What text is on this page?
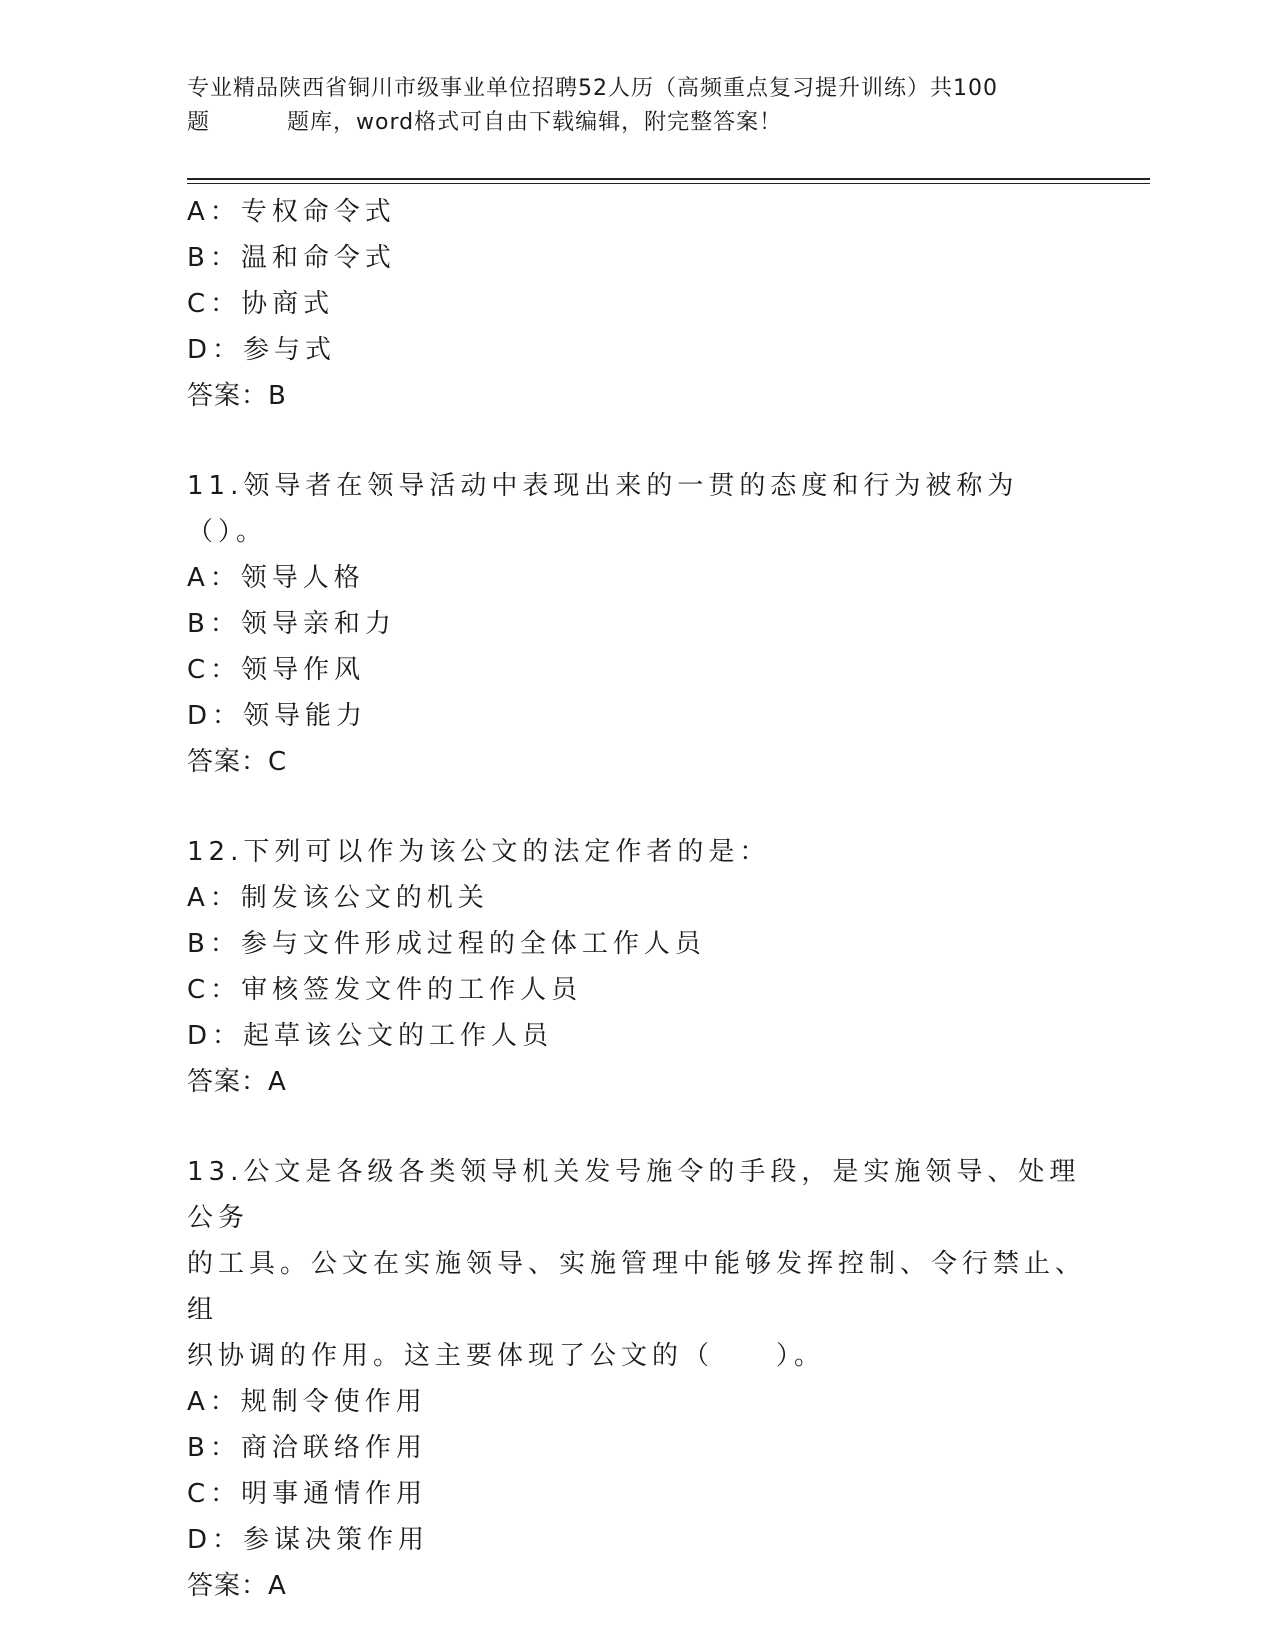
专业精品陕西省铜川市级事业单位招聘52人历（高频重点复习提升训练）共100
题	题库，word格式可自由下载编辑，附完整答案！
A：专权命令式
B：温和命令式
C：协商式
D：参与式
答案：B
11.领导者在领导活动中表现出来的一贯的态度和行为被称为（）。
A：领导人格
B：领导亲和力
C：领导作风
D：领导能力
答案：C
12.下列可以作为该公文的法定作者的是：
A：制发该公文的机关
B：参与文件形成过程的全体工作人员
C：审核签发文件的工作人员
D：起草该公文的工作人员
答案：A
13.公文是各级各类领导机关发号施令的手段，是实施领导、处理公务
的工具。公文在实施领导、实施管理中能够发挥控制、令行禁止、组
织协调的作用。这主要体现了公文的（　　）。
A：规制令使作用
B：商洽联络作用
C：明事通情作用
D：参谋决策作用
答案：A
